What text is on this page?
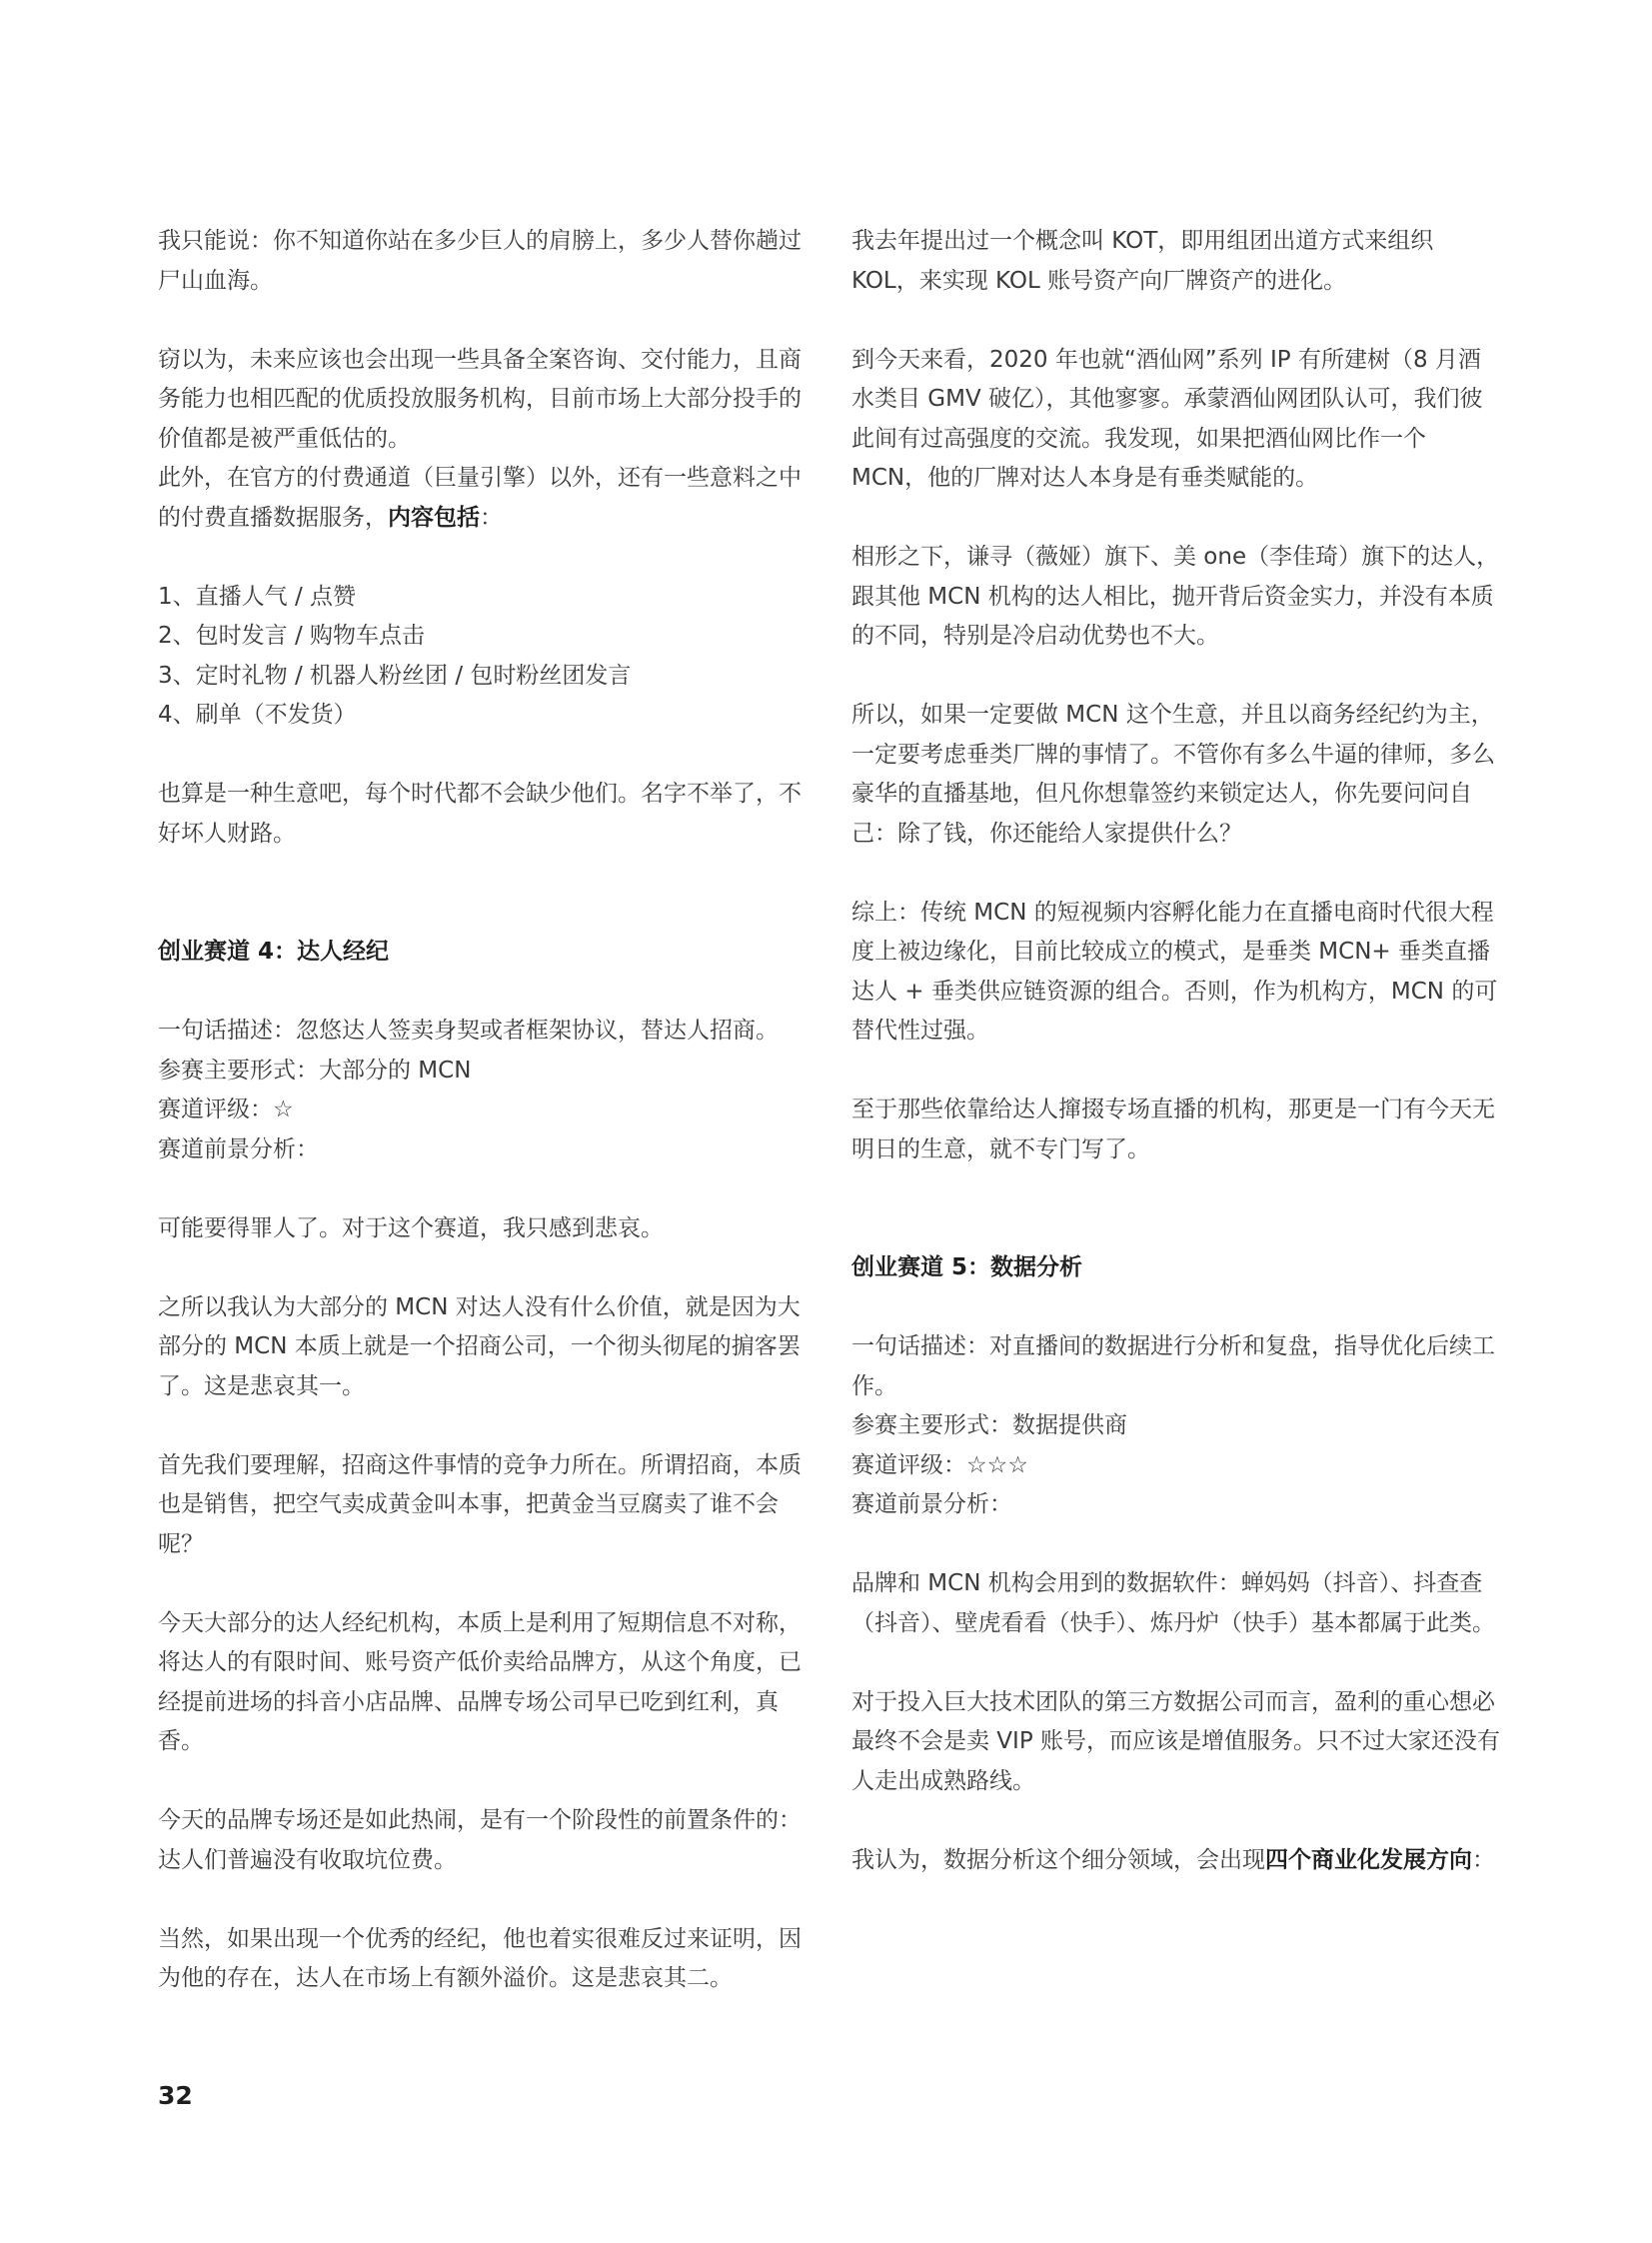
我只能说：你不知道你站在多少巨人的肩膀上，多少人替你趟过尸山血海。

窃以为，未来应该也会出现一些具备全案咨询、交付能力，且商务能力也相匹配的优质投放服务机构，目前市场上大部分投手的价值都是被严重低估的。

此外，在官方的付费通道（巨量引擎）以外，还有一些意料之中的付费直播数据服务，内容包括：

1、直播人气 / 点赞

2、包时发言 / 购物车点击

3、定时礼物 / 机器人粉丝团 / 包时粉丝团发言

4、刷单（不发货）

也算是一种生意吧，每个时代都不会缺少他们。名字不举了，不好坏人财路。

创业赛道 4：达人经纪

一句话描述：忽悠达人签卖身契或者框架协议，替达人招商。

参赛主要形式：大部分的 MCN

赛道评级：☆

赛道前景分析：

可能要得罪人了。对于这个赛道，我只感到悲哀。

之所以我认为大部分的 MCN 对达人没有什么价值，就是因为大部分的 MCN 本质上就是一个招商公司，一个彻头彻尾的掮客罢了。这是悲哀其一。

首先我们要理解，招商这件事情的竞争力所在。所谓招商，本质也是销售，把空气卖成黄金叫本事，把黄金当豆腐卖了谁不会呢？

今天大部分的达人经纪机构，本质上是利用了短期信息不对称，将达人的有限时间、账号资产低价卖给品牌方，从这个角度，已经提前进场的抖音小店品牌、品牌专场公司早已吃到红利，真香。

今天的品牌专场还是如此热闹，是有一个阶段性的前置条件的：达人们普遍没有收取坑位费。

当然，如果出现一个优秀的经纪，他也着实很难反过来证明，因为他的存在，达人在市场上有额外溢价。这是悲哀其二。

我去年提出过一个概念叫 KOT，即用组团出道方式来组织 KOL，来实现 KOL 账号资产向厂牌资产的进化。

到今天来看，2020 年也就“酒仙网”系列 IP 有所建树（8 月酒水类目 GMV 破亿），其他寥寥。承蒙酒仙网团队认可，我们彼此间有过高强度的交流。我发现，如果把酒仙网比作一个 MCN，他的厂牌对达人本身是有垂类赋能的。

相形之下，谦寻（薇娅）旗下、美 one（李佳琦）旗下的达人，跟其他 MCN 机构的达人相比，抛开背后资金实力，并没有本质的不同，特别是冷启动优势也不大。

所以，如果一定要做 MCN 这个生意，并且以商务经纪约为主，一定要考虑垂类厂牌的事情了。不管你有多么牛逼的律师，多么豪华的直播基地，但凡你想靠签约来锁定达人，你先要问问自己：除了钱，你还能给人家提供什么？

综上：传统 MCN 的短视频内容孵化能力在直播电商时代很大程度上被边缘化，目前比较成立的模式，是垂类 MCN+ 垂类直播达人 + 垂类供应链资源的组合。否则，作为机构方，MCN 的可替代性过强。

至于那些依靠给达人撺掇专场直播的机构，那更是一门有今天无明日的生意，就不专门写了。

创业赛道 5：数据分析

一句话描述：对直播间的数据进行分析和复盘，指导优化后续工作。

参赛主要形式：数据提供商

赛道评级：☆☆☆

赛道前景分析：

品牌和 MCN 机构会用到的数据软件：蝉妈妈（抖音）、抖查查（抖音）、壁虎看看（快手）、炼丹炉（快手）基本都属于此类。

对于投入巨大技术团队的第三方数据公司而言，盈利的重心想必最终不会是卖 VIP 账号，而应该是增值服务。只不过大家还没有人走出成熟路线。

我认为，数据分析这个细分领域，会出现四个商业化发展方向：

32
